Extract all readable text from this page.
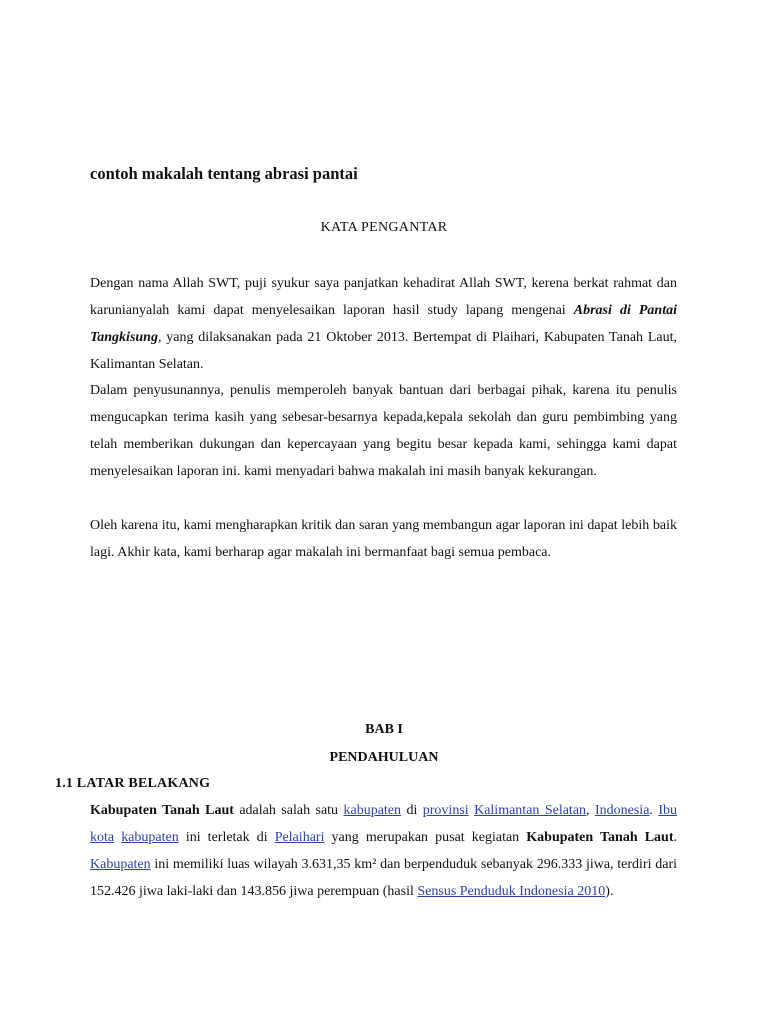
contoh makalah tentang abrasi pantai
KATA PENGANTAR

Dengan nama Allah SWT, puji syukur saya panjatkan kehadirat Allah SWT, kerena berkat rahmat dan karunianyalah kami dapat menyelesaikan laporan hasil study lapang mengenai Abrasi di Pantai Tangkisung, yang dilaksanakan pada 21 Oktober 2013. Bertempat di Plaihari, Kabupaten Tanah Laut, Kalimantan Selatan.

Dalam penyusunannya, penulis memperoleh banyak bantuan dari berbagai pihak, karena itu penulis mengucapkan terima kasih yang sebesar-besarnya kepada,kepala sekolah dan guru pembimbing yang telah memberikan dukungan dan kepercayaan yang begitu besar kepada kami, sehingga kami dapat menyelesaikan laporan ini. kami menyadari bahwa makalah ini masih banyak kekurangan.

Oleh karena itu, kami mengharapkan kritik dan saran yang membangun agar laporan ini dapat lebih baik lagi. Akhir kata, kami berharap agar makalah ini bermanfaat bagi semua pembaca.

BAB I
PENDAHULUAN
1.1 LATAR BELAKANG

Kabupaten Tanah Laut adalah salah satu kabupaten di provinsi Kalimantan Selatan, Indonesia. Ibu kota kabupaten ini terletak di Pelaihari yang merupakan pusat kegiatan Kabupaten Tanah Laut. Kabupaten ini memiliki luas wilayah 3.631,35 km² dan berpenduduk sebanyak 296.333 jiwa, terdiri dari 152.426 jiwa laki-laki dan 143.856 jiwa perempuan (hasil Sensus Penduduk Indonesia 2010).
